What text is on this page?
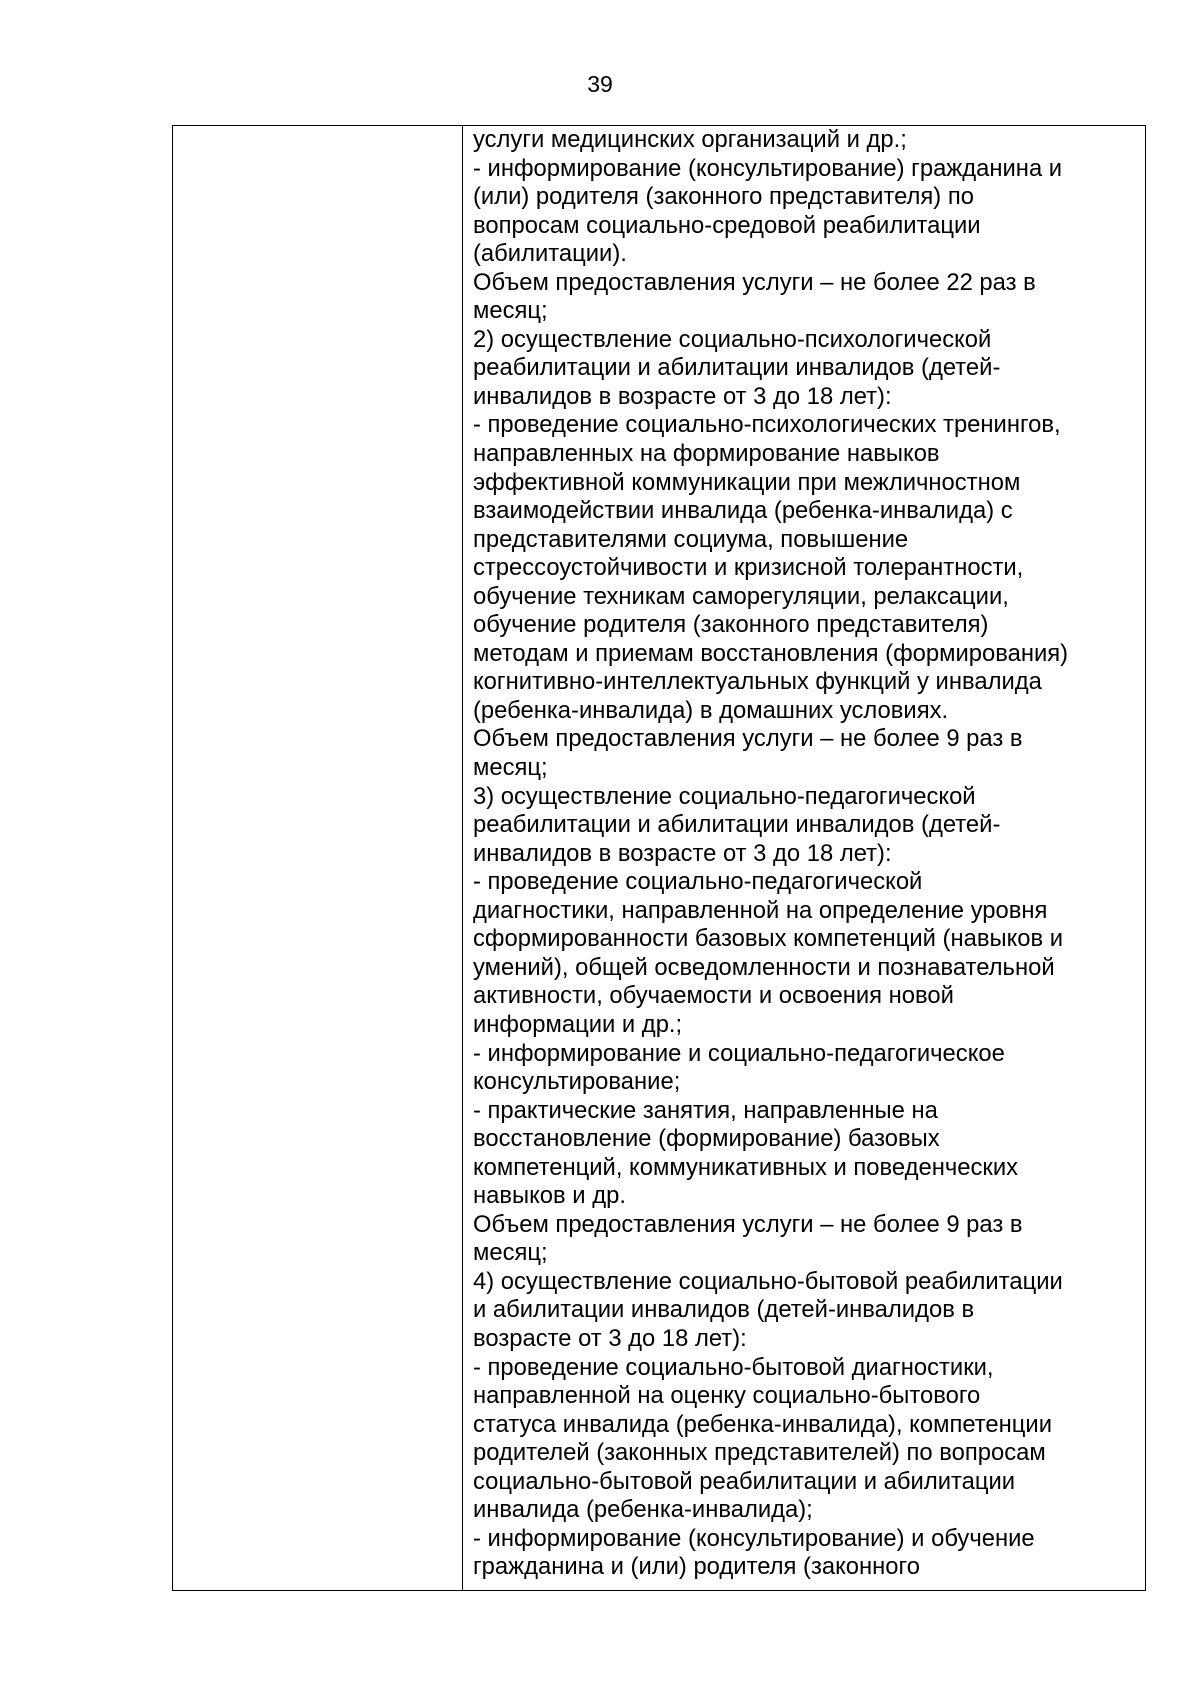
39
услуги медицинских организаций и др.;
- информирование (консультирование) гражданина и
(или) родителя (законного представителя) по
вопросам социально-средовой реабилитации
(абилитации).
Объем предоставления услуги – не более 22 раз в
месяц;
2) осуществление социально-психологической
реабилитации и абилитации инвалидов (детей-
инвалидов в возрасте от 3 до 18 лет):
- проведение социально-психологических тренингов,
направленных на формирование навыков
эффективной коммуникации при межличностном
взаимодействии инвалида (ребенка-инвалида) с
представителями социума, повышение
стрессоустойчивости и кризисной толерантности,
обучение техникам саморегуляции, релаксации,
обучение родителя (законного представителя)
методам и приемам восстановления (формирования)
когнитивно-интеллектуальных функций у инвалида
(ребенка-инвалида) в домашних условиях.
Объем предоставления услуги – не более 9 раз в
месяц;
3) осуществление социально-педагогической
реабилитации и абилитации инвалидов (детей-
инвалидов в возрасте от 3 до 18 лет):
- проведение социально-педагогической
диагностики, направленной на определение уровня
сформированности базовых компетенций (навыков и
умений), общей осведомленности и познавательной
активности, обучаемости и освоения новой
информации и др.;
- информирование и социально-педагогическое
консультирование;
- практические занятия, направленные на
восстановление (формирование) базовых
компетенций, коммуникативных и поведенческих
навыков и др.
Объем предоставления услуги – не более 9 раз в
месяц;
4) осуществление социально-бытовой реабилитации
и абилитации инвалидов (детей-инвалидов в
возрасте от 3 до 18 лет):
- проведение социально-бытовой диагностики,
направленной на оценку социально-бытового
статуса инвалида (ребенка-инвалида), компетенции
родителей (законных представителей) по вопросам
социально-бытовой реабилитации и абилитации
инвалида (ребенка-инвалида);
- информирование (консультирование) и обучение
гражданина и (или) родителя (законного
